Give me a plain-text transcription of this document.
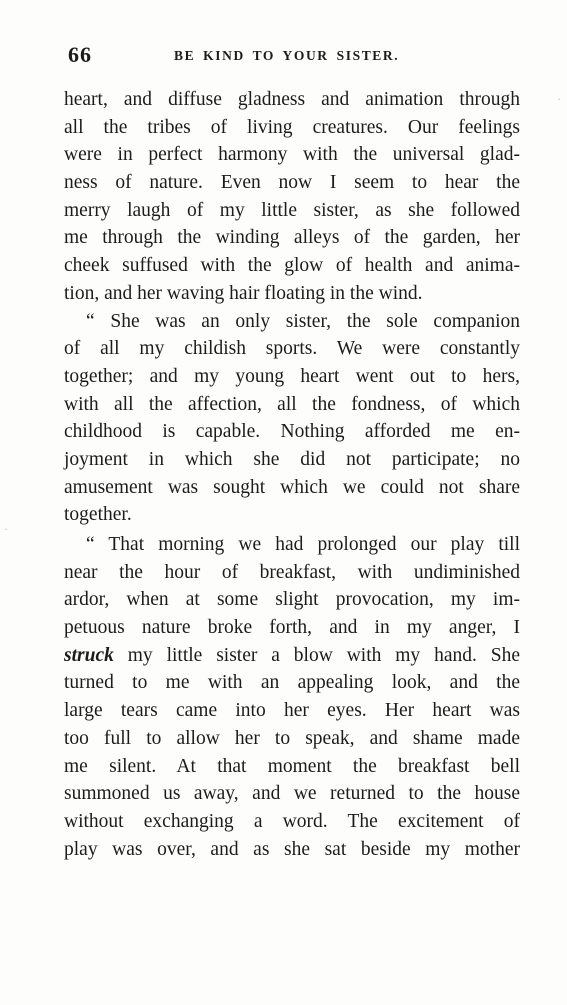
66	BE KIND TO YOUR SISTER.
heart, and diffuse gladness and animation through
all the tribes of living creatures. Our feelings
were in perfect harmony with the universal glad-
ness of nature. Even now I seem to hear the
merry laugh of my little sister, as she followed
me through the winding alleys of the garden, her
cheek suffused with the glow of health and anima-
tion, and her waving hair floating in the wind.
“ She was an only sister, the sole companion
of all my childish sports. We were constantly
together; and my young heart went out to hers,
with all the affection, all the fondness, of which
childhood is capable. Nothing afforded me en-
joyment in which she did not participate; no
amusement was sought which we could not share
together.
“ That morning we had prolonged our play till
near the hour of breakfast, with undiminished
ardor, when at some slight provocation, my im-
petuous nature broke forth, and in my anger, I
struck my little sister a blow with my hand. She
turned to me with an appealing look, and the
large tears came into her eyes. Her heart was
too full to allow her to speak, and shame made
me silent. At that moment the breakfast bell
summoned us away, and we returned to the house
without exchanging a word. The excitement of
play was over, and as she sat beside my mother
·
·
